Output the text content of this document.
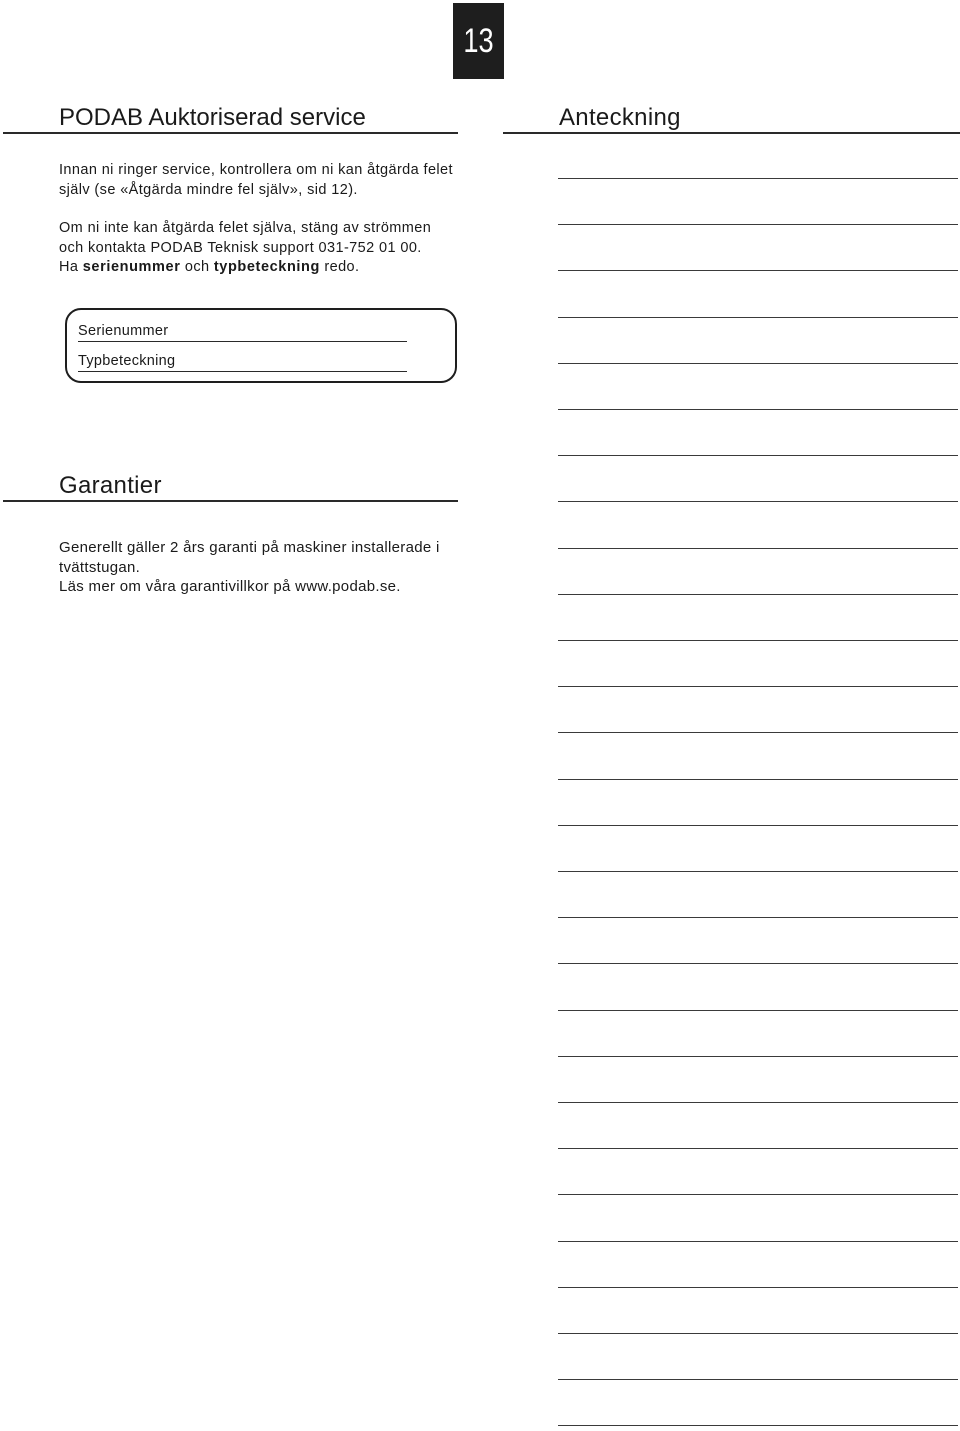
13
PODAB Auktoriserad service	Anteckning

Innan ni ringer service, kontrollera om ni kan åtgärda felet själv (se «Åtgärda mindre fel själv», sid 12).

Om ni inte kan åtgärda felet själva, stäng av strömmen och kontakta PODAB Teknisk support 031-752 01 00.

Ha serienummer och typbeteckning redo.

Serienummer
Typbeteckning
Garantier

Generellt gäller 2 års garanti på maskiner installerade i tvättstugan.

Läs mer om våra garantivillkor på www.podab.se.
